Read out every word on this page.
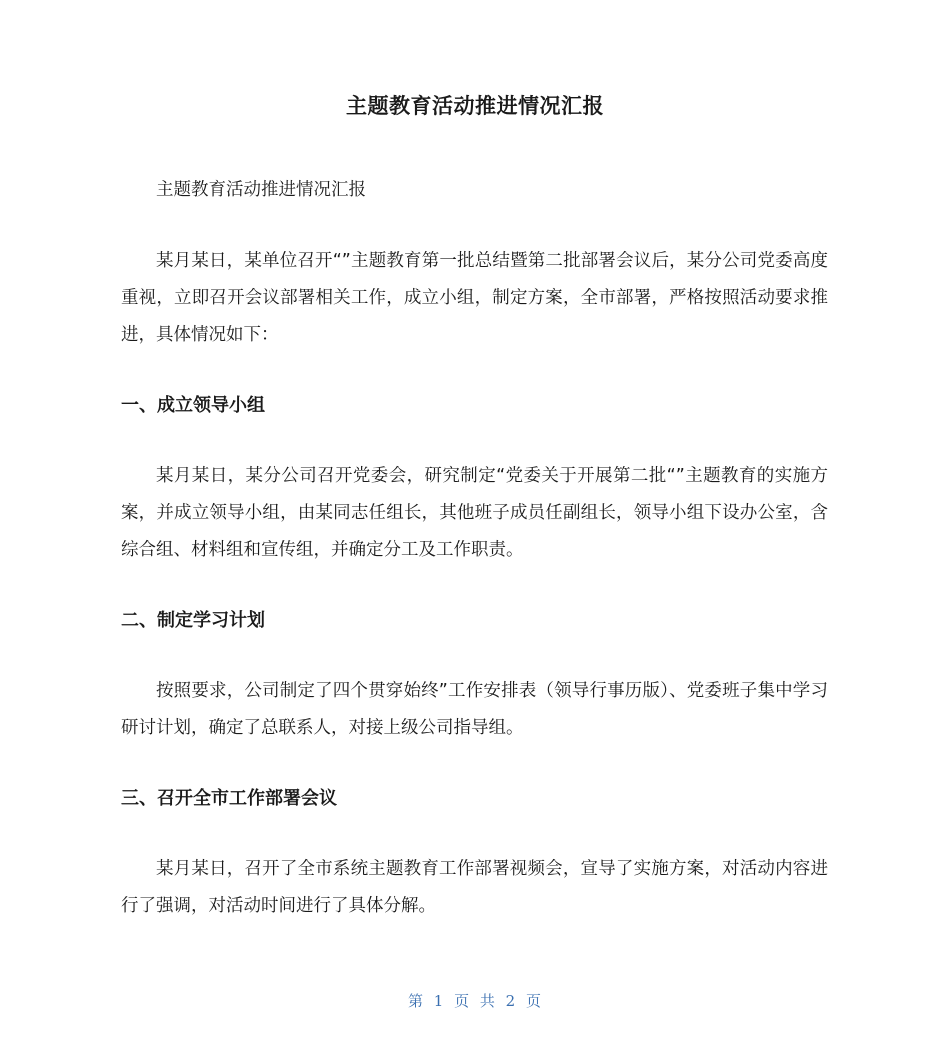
主题教育活动推进情况汇报

主题教育活动推进情况汇报

某月某日，某单位召开“”主题教育第一批总结暨第二批部署会议后，某分公司党委高度重视，立即召开会议部署相关工作，成立小组，制定方案，全市部署，严格按照活动要求推进，具体情况如下：

一、成立领导小组

某月某日，某分公司召开党委会，研究制定“党委关于开展第二批“”主题教育的实施方案，并成立领导小组，由某同志任组长，其他班子成员任副组长，领导小组下设办公室，含综合组、材料组和宣传组，并确定分工及工作职责。

二、制定学习计划

按照要求，公司制定了四个贯穿始终”工作安排表（领导行事历版）、党委班子集中学习研讨计划，确定了总联系人，对接上级公司指导组。

三、召开全市工作部署会议

某月某日，召开了全市系统主题教育工作部署视频会，宣导了实施方案，对活动内容进行了强调，对活动时间进行了具体分解。

第 1 页 共 2 页
